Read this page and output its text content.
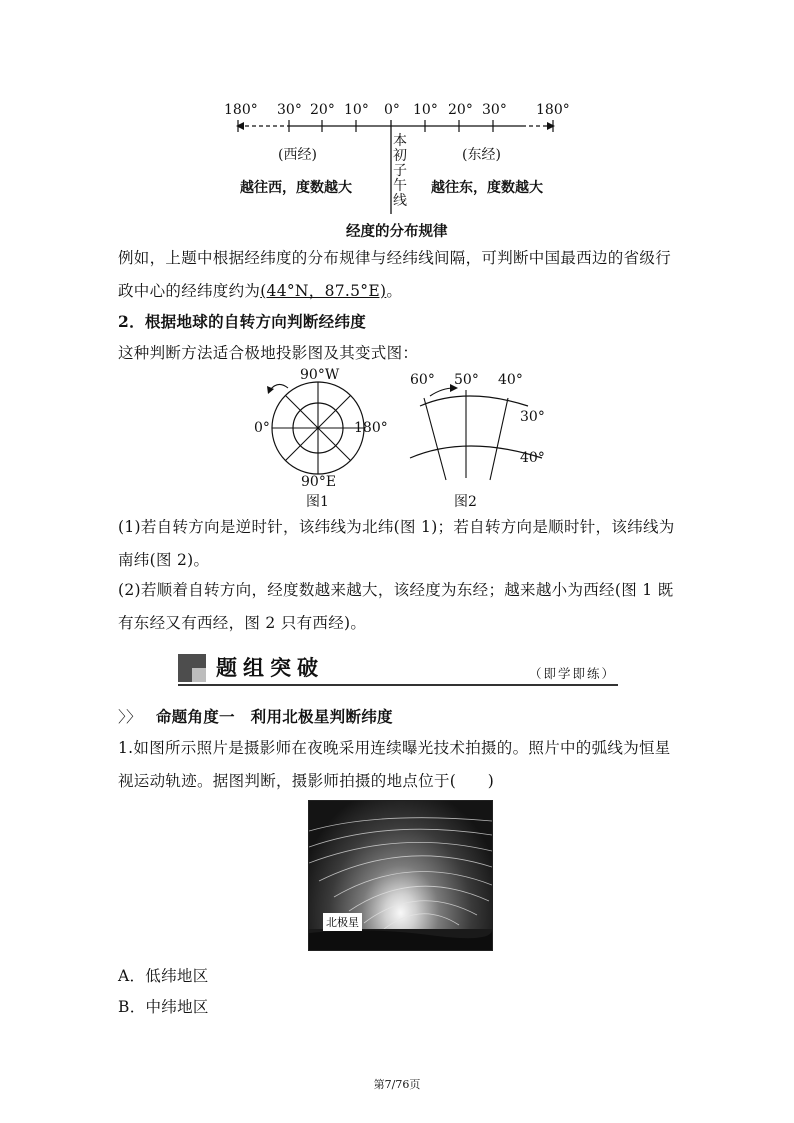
180° 30° 20° 10° 0° 10° 20° 30° 180°
(西经)	(东经)
越往西，度数越大	越往东，度数越大
本
初
子
午
线
经度的分布规律
例如，上题中根据经纬度的分布规律与经纬线间隔，可判断中国最西边的省级行
政中心的经纬度约为(44°N，87.5°E)。
2．根据地球的自转方向判断经纬度
这种判断方法适合极地投影图及其变式图：
90°W
0°	180°
90°E
图1
60° 50° 40°
30°
40°
图2
(1)若自转方向是逆时针，该纬线为北纬(图 1)；若自转方向是顺时针，该纬线为
南纬(图 2)。
(2)若顺着自转方向，经度数越来越大，该经度为东经；越来越小为西经(图 1 既
有东经又有西经，图 2 只有西经)。
题组突破	（即学即练）
〉〉 命题角度一　利用北极星判断纬度
1.如图所示照片是摄影师在夜晚采用连续曝光技术拍摄的。照片中的弧线为恒星
视运动轨迹。据图判断，摄影师拍摄的地点位于(　　)
北极星
A．低纬地区
B．中纬地区
第7/76页
